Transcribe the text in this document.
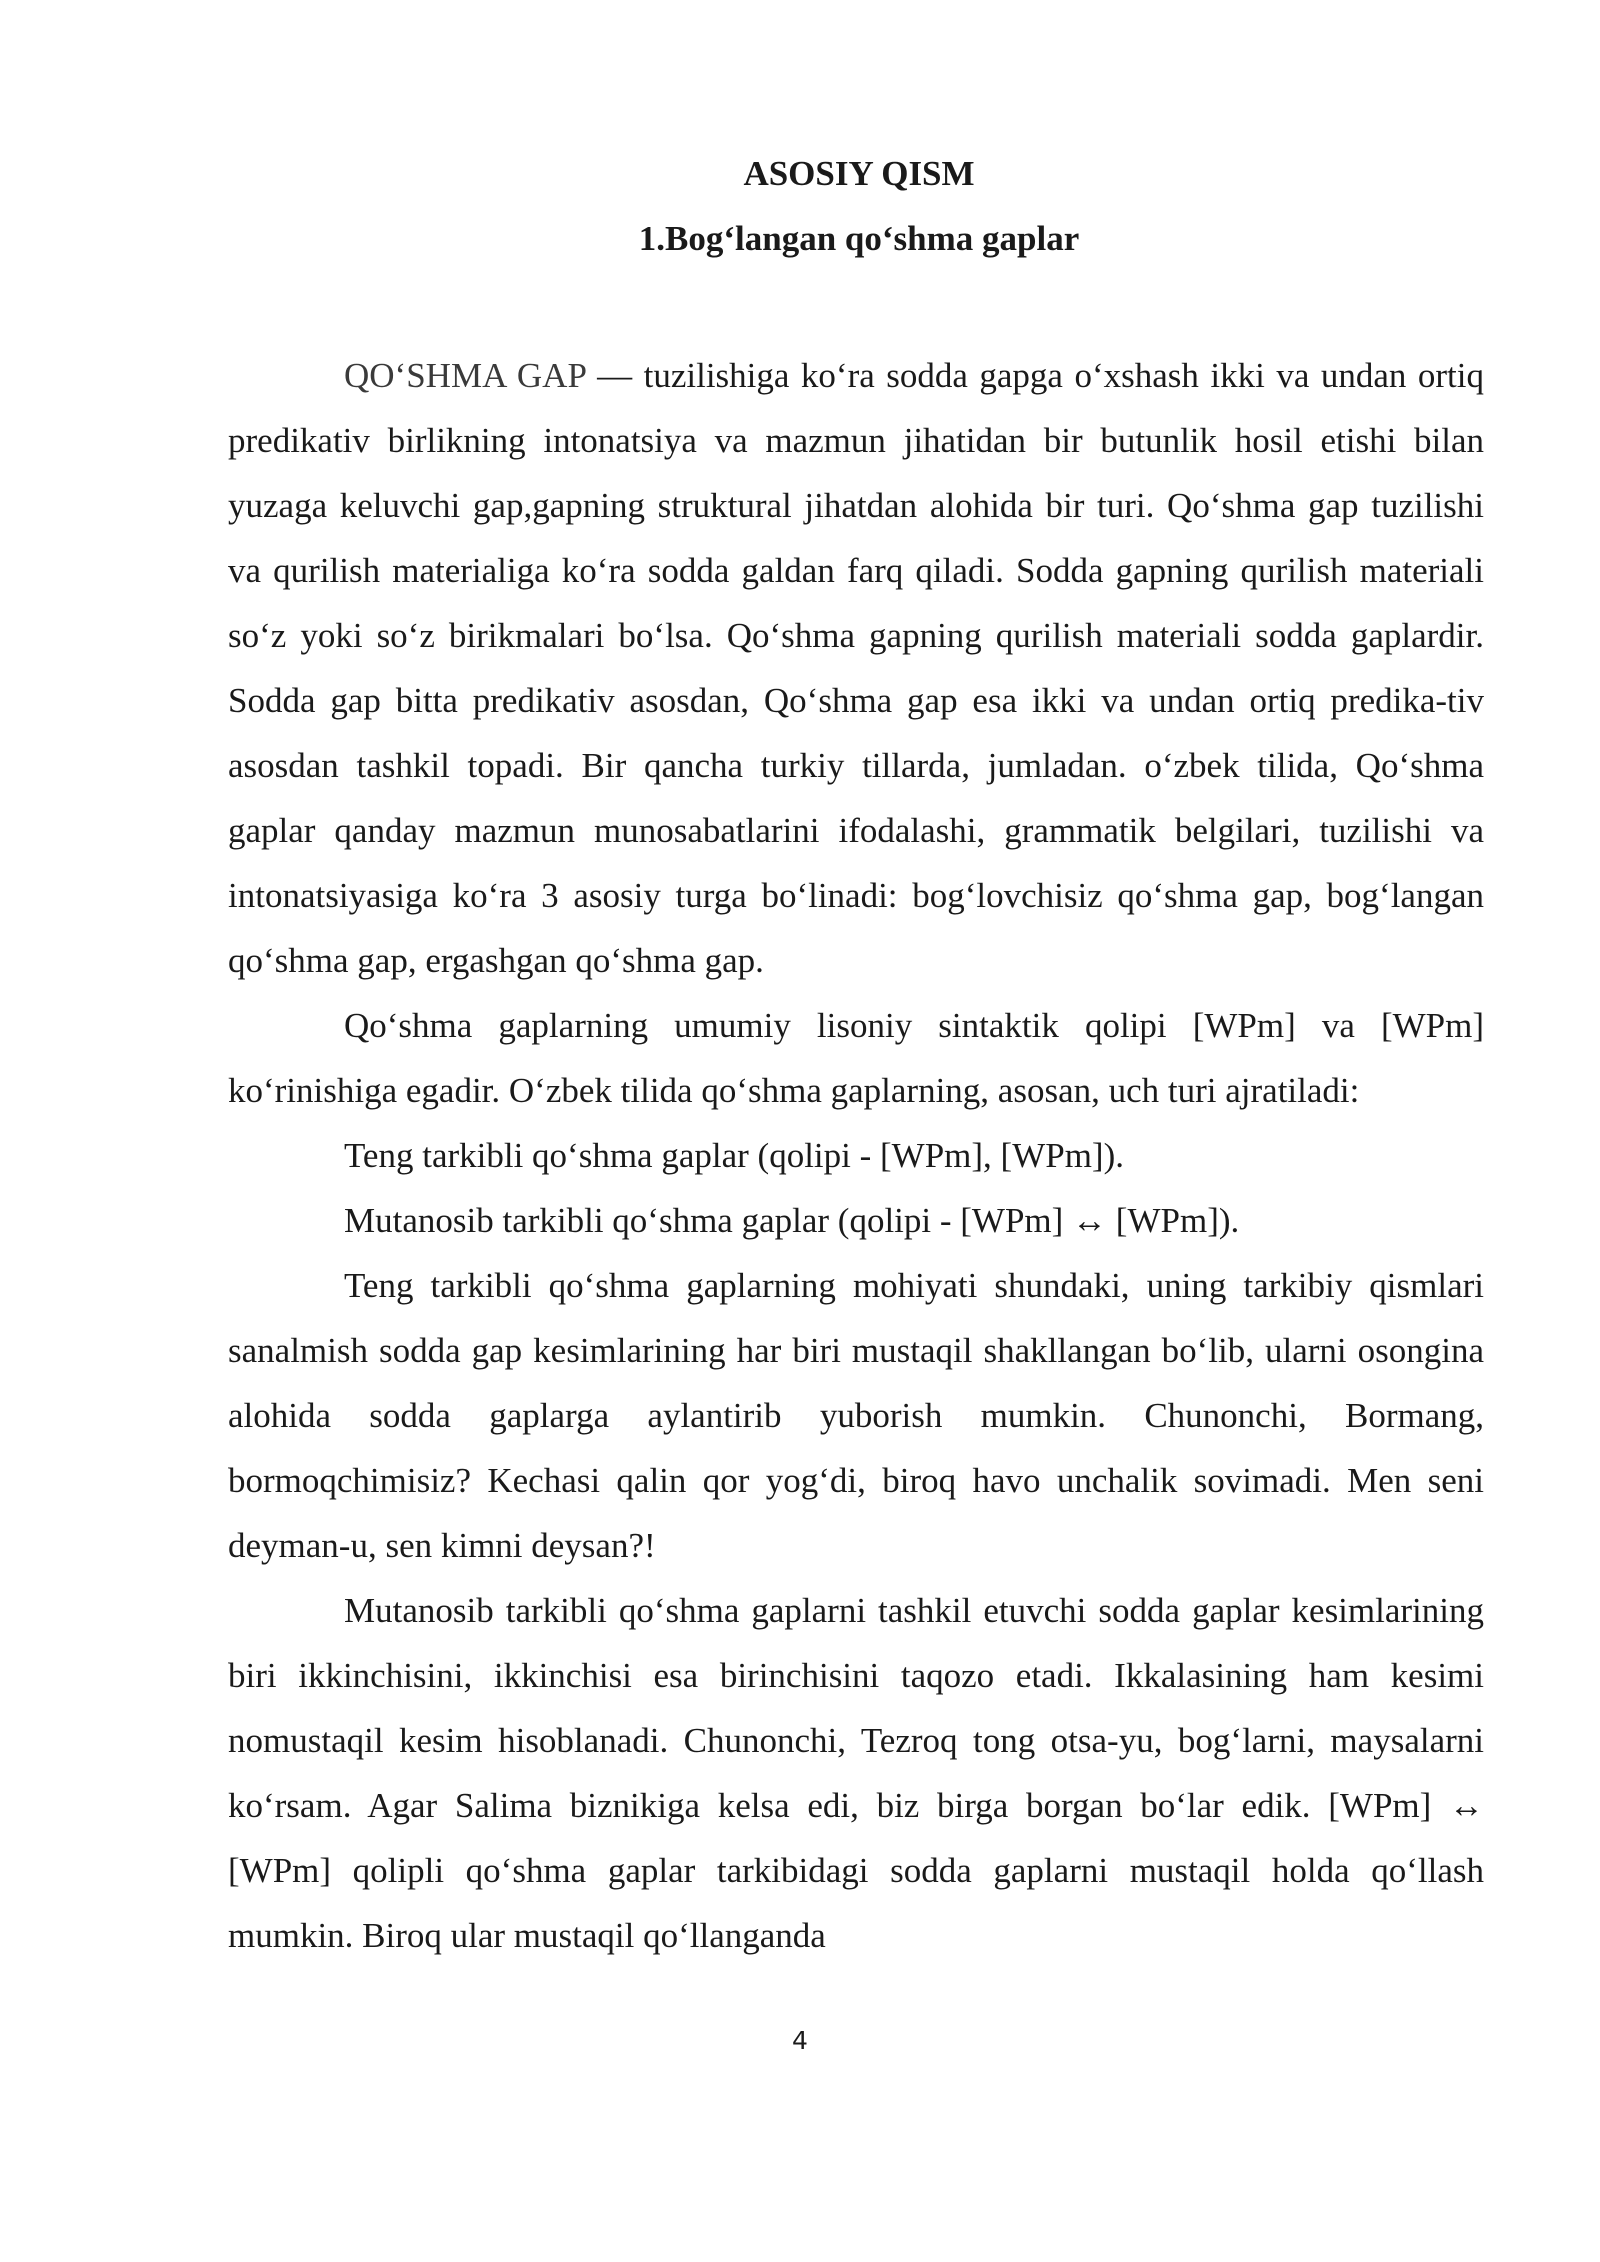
ASOSIY QISM
1.Bog‘langan qo‘shma gaplar

QO‘SHMA GAP — tuzilishiga ko‘ra sodda gapga o‘xshash ikki va undan ortiq predikativ birlikning intonatsiya va mazmun jihatidan bir butunlik hosil etishi bilan yuzaga keluvchi gap,gapning struktural jihatdan alohida bir turi. Qo‘shma gap tuzilishi va qurilish materialiga ko‘ra sodda galdan farq qiladi. Sodda gapning qurilish materiali so‘z yoki so‘z birikmalari bo‘lsa. Qo‘shma gapning qurilish materiali sodda gaplardir. Sodda gap bitta predikativ asosdan, Qo‘shma gap esa ikki va undan ortiq predika-tiv asosdan tashkil topadi. Bir qancha turkiy tillarda, jumladan. o‘zbek tilida, Qo‘shma gaplar qanday mazmun munosabatlarini ifodalashi, grammatik belgilari, tuzilishi va intonatsiyasiga ko‘ra 3 asosiy turga bo‘linadi: bog‘lovchisiz qo‘shma gap, bog‘langan qo‘shma gap, ergashgan qo‘shma gap.

Qo‘shma gaplarning umumiy lisoniy sintaktik qolipi [WPm] va [WPm] ko‘rinishiga egadir. O‘zbek tilida qo‘shma gaplarning, asosan, uch turi ajratiladi:

Teng tarkibli qo‘shma gaplar (qolipi - [WPm], [WPm]).

Mutanosib tarkibli qo‘shma gaplar (qolipi - [WPm] ↔ [WPm]).

Teng tarkibli qo‘shma gaplarning mohiyati shundaki, uning tarkibiy qismlari sanalmish sodda gap kesimlarining har biri mustaqil shakllangan bo‘lib, ularni osongina alohida sodda gaplarga aylantirib yuborish mumkin. Chunonchi, Bormang, bormoqchimisiz? Kechasi qalin qor yog‘di, biroq havo unchalik sovimadi. Men seni deyman-u, sen kimni deysan?!

Mutanosib tarkibli qo‘shma gaplarni tashkil etuvchi sodda gaplar kesimlarining biri ikkinchisini, ikkinchisi esa birinchisini taqozo etadi. Ikkalasining ham kesimi nomustaqil kesim hisoblanadi. Chunonchi, Tezroq tong otsa-yu, bog‘larni, maysalarni ko‘rsam. Agar Salima biznikiga kelsa edi, biz birga borgan bo‘lar edik. [WPm] ↔ [WPm] qolipli qo‘shma gaplar tarkibidagi sodda gaplarni mustaqil holda qo‘llash mumkin. Biroq ular mustaqil qo‘llanganda

4
